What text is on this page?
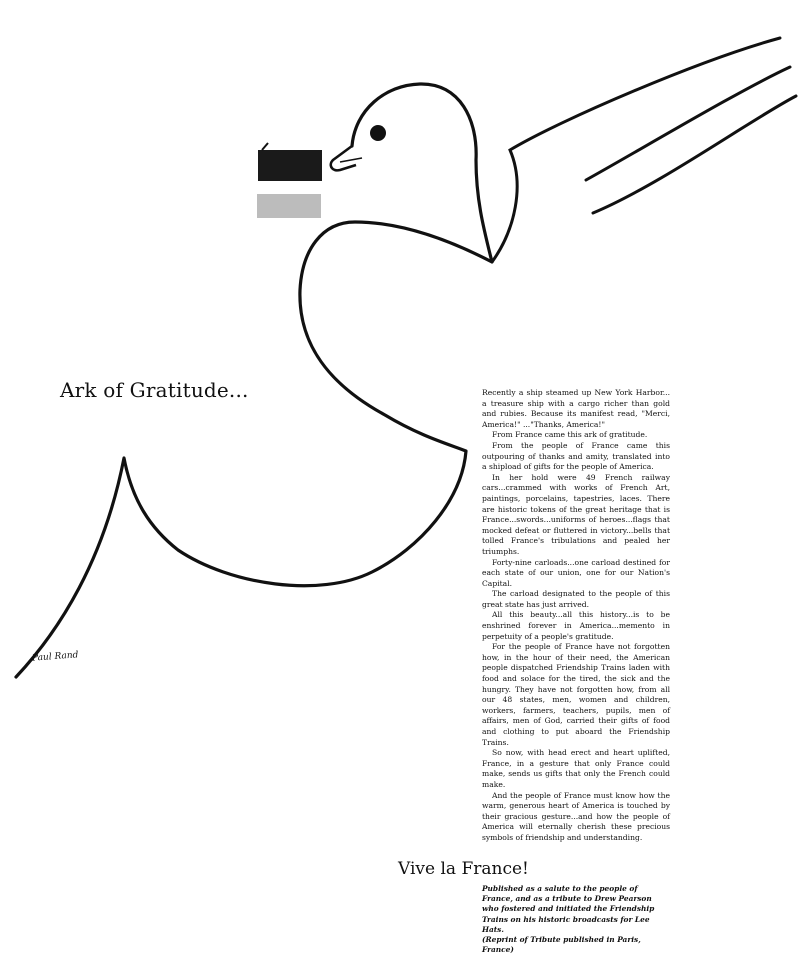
Ark of Gratitude...	Recently a ship steamed up New York Harbor... a treasure ship with a cargo richer than gold and rubies. Because its manifest read, "Merci, America!" ..."Thanks, America!"

From France came this ark of gratitude.

From the people of France came this outpouring of thanks and amity, translated into a shipload of gifts for the people of America.

In her hold were 49 French railway cars...crammed with works of French Art, paintings, porcelains, tapestries, laces. There are historic tokens of the great heritage that is France...swords...uniforms of heroes...flags that mocked defeat or fluttered in victory...bells that tolled France's tribulations and pealed her triumphs.

Forty-nine carloads...one carload destined for each state of our union, one for our Nation's Capital.

The carload designated to the people of this great state has just arrived.

All this beauty...all this history...is to be enshrined forever in America...memento in perpetuity of a people's gratitude.

For the people of France have not forgotten how, in the hour of their need, the American people dispatched Friendship Trains laden with food and solace for the tired, the sick and the hungry. They have not forgotten how, from all our 48 states, men, women and children, workers, farmers, teachers, pupils, men of affairs, men of God, carried their gifts of food and clothing to put aboard the Friendship Trains.

So now, with head erect and heart uplifted, France, in a gesture that only France could make, sends us gifts that only the French could make.

And the people of France must know how the warm, generous heart of America is touched by their gracious gesture...and how the people of America will eternally cherish these precious symbols of friendship and understanding.

Vive la France!

Published as a salute to the people of France, and as a tribute to Drew Pearson who fostered and initiated the Friendship Trains on his historic broadcasts for Lee Hats.

(Reprint of Tribute published in Paris, France)

Paul Rand
